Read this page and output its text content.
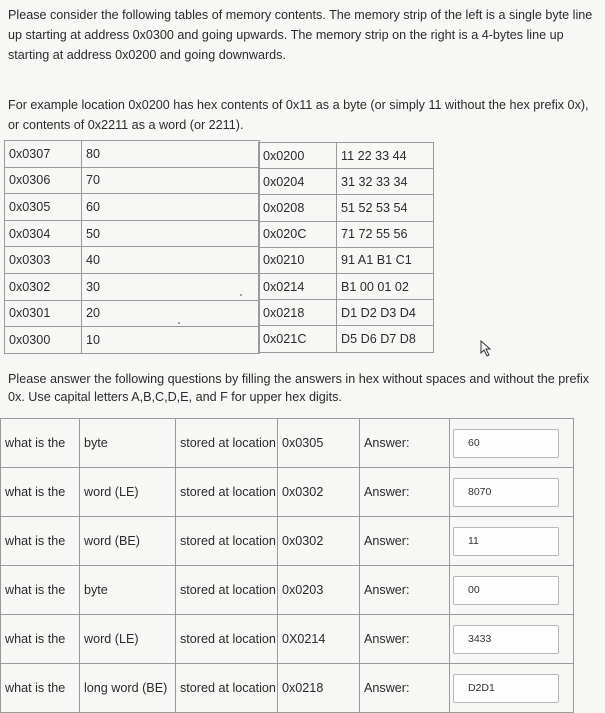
Please consider the following tables of memory contents. The memory strip of the left is a single byte line up starting at address 0x0300 and going upwards. The memory strip on the right is a 4-bytes line up starting at address 0x0200 and going downwards.

For example location 0x0200 has hex contents of 0x11 as a byte (or simply 11 without the hex prefix 0x), or contents of 0x2211 as a word (or 2211).

0x0307	80
0x0306	70
0x0305	60
0x0304	50
0x0303	40
0x0302	30
0x0301	20
0x0300	10
0x0200	11 22 33 44
0x0204	31 32 33 34
0x0208	51 52 53 54
0x020C	71 72 55 56
0x0210	91 A1 B1 C1
0x0214	B1 00 01 02
0x0218	D1 D2 D3 D4
0x021C	D5 D6 D7 D8

Please answer the following questions by filling the answers in hex without spaces and without the prefix 0x. Use capital letters A,B,C,D,E, and F for upper hex digits.

what is the	byte	stored at location	0x0305	Answer:	60

what is the	word (LE)	stored at location	0x0302	Answer:	8070

what is the	word (BE)	stored at location	0x0302	Answer:	11

what is the	byte	stored at location	0x0203	Answer:	00

what is the	word (LE)	stored at location	0X0214	Answer:	3433

what is the	long word (BE)	stored at location	0x0218	Answer:	D2D1
